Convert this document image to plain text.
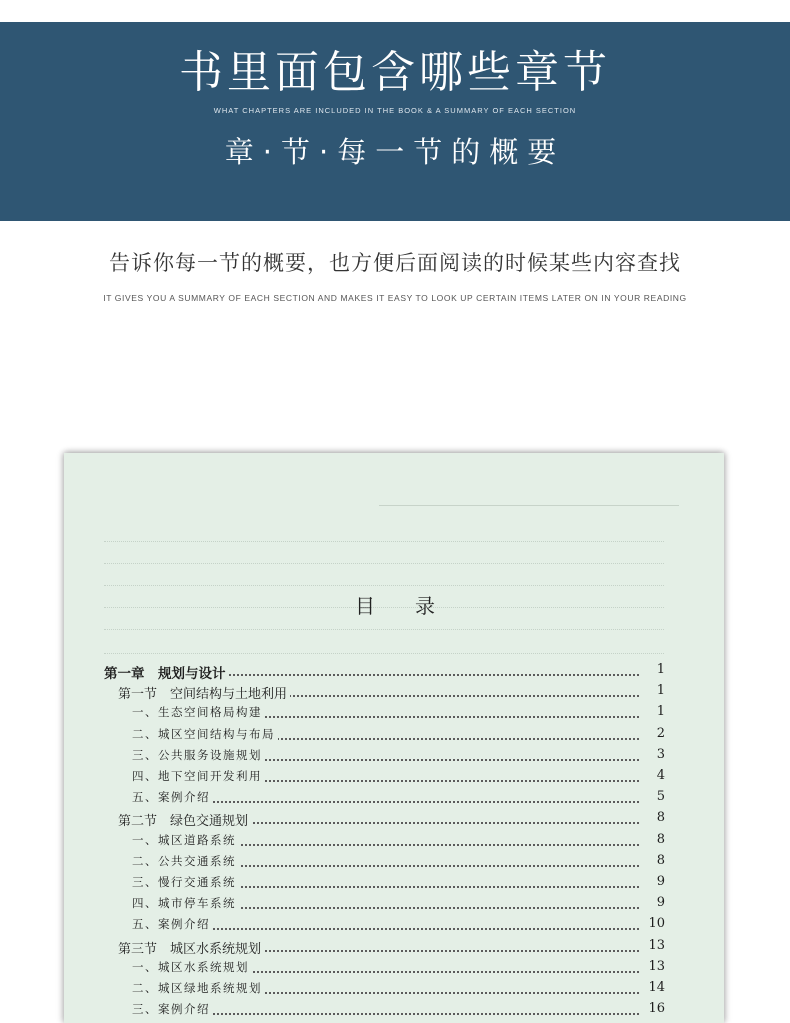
书里面包含哪些章节
WHAT CHAPTERS ARE INCLUDED IN THE BOOK & A SUMMARY OF EACH SECTION
章·节·每一节的概要
告诉你每一节的概要，也方便后面阅读的时候某些内容查找
IT GIVES YOU A SUMMARY OF EACH SECTION AND MAKES IT EASY TO LOOK UP CERTAIN ITEMS LATER ON IN YOUR READING
目录
第一章　规划与设计	1
第一节　空间结构与土地利用	1
一、生态空间格局构建	1
二、城区空间结构与布局	2
三、公共服务设施规划	3
四、地下空间开发利用	4
五、案例介绍	5
第二节　绿色交通规划	8
一、城区道路系统	8
二、公共交通系统	8
三、慢行交通系统	9
四、城市停车系统	9
五、案例介绍	10
第三节　城区水系统规划	13
一、城区水系统规划	13
二、城区绿地系统规划	14
三、案例介绍	16
